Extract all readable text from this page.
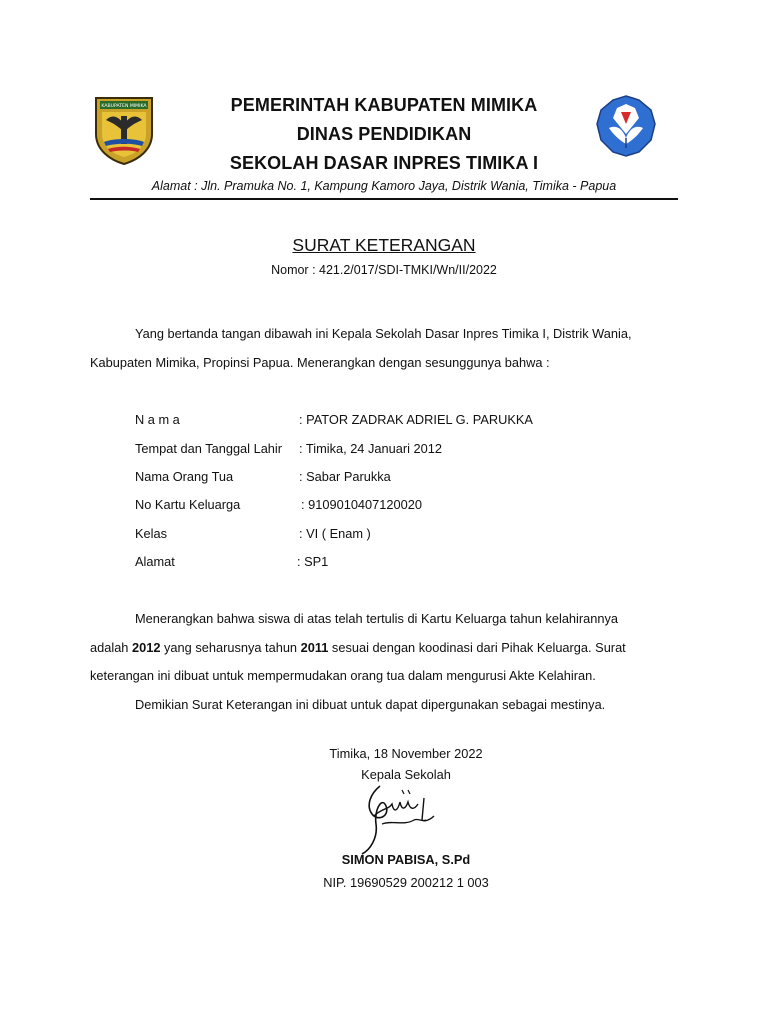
KABUPATEN MIMIKA	PEMERINTAH KABUPATEN MIMIKA
DINAS PENDIDIKAN
SEKOLAH DASAR INPRES TIMIKA I
Alamat : Jln. Pramuka No. 1, Kampung Kamoro Jaya, Distrik Wania, Timika - Papua
SURAT KETERANGAN
Nomor : 421.2/017/SDI-TMKI/Wn/II/2022
Yang bertanda tangan dibawah ini Kepala Sekolah Dasar Inpres Timika I, Distrik Wania,
Kabupaten Mimika, Propinsi Papua. Menerangkan dengan sesunggunya bahwa :
N a m a	: PATOR ZADRAK ADRIEL G. PARUKKA
Tempat dan Tanggal Lahir : Timika, 24 Januari 2012
Nama Orang Tua	: Sabar Parukka
No Kartu Keluarga	: 9109010407120020
Kelas	: VI ( Enam )
Alamat	: SP1
Menerangkan bahwa siswa di atas telah tertulis di Kartu Keluarga tahun kelahirannya
adalah 2012 yang seharusnya tahun 2011 sesuai dengan koodinasi dari Pihak Keluarga. Surat
keterangan ini dibuat untuk mempermudakan orang tua dalam mengurusi Akte Kelahiran.
Demikian Surat Keterangan ini dibuat untuk dapat dipergunakan sebagai mestinya.
Timika, 18 November 2022
Kepala Sekolah
SIMON PABISA, S.Pd
NIP. 19690529 200212 1 003
